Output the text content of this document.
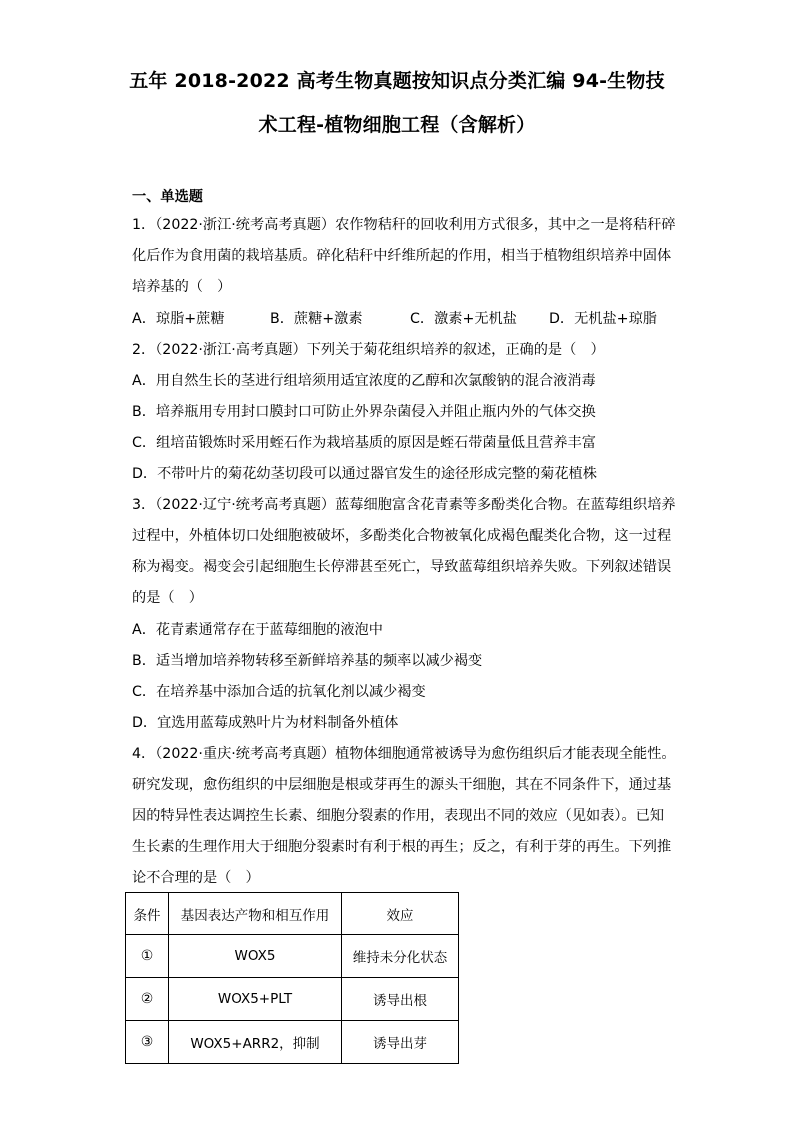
五年 2018-2022 高考生物真题按知识点分类汇编 94-生物技
术工程-植物细胞工程（含解析）
一、单选题
1．（2022·浙江·统考高考真题）农作物秸秆的回收利用方式很多，其中之一是将秸秆碎
化后作为食用菌的栽培基质。碎化秸秆中纤维所起的作用，相当于植物组织培养中固体
培养基的（　）
A．琼脂+蔗糖	B．蔗糖+激素	C．激素+无机盐 D．无机盐+琼脂
2．（2022·浙江·高考真题）下列关于菊花组织培养的叙述，正确的是（　）
A．用自然生长的茎进行组培须用适宜浓度的乙醇和次氯酸钠的混合液消毒
B．培养瓶用专用封口膜封口可防止外界杂菌侵入并阻止瓶内外的气体交换
C．组培苗锻炼时采用蛭石作为栽培基质的原因是蛭石带菌量低且营养丰富
D．不带叶片的菊花幼茎切段可以通过器官发生的途径形成完整的菊花植株
3．（2022·辽宁·统考高考真题）蓝莓细胞富含花青素等多酚类化合物。在蓝莓组织培养
过程中，外植体切口处细胞被破坏，多酚类化合物被氧化成褐色醌类化合物，这一过程
称为褐变。褐变会引起细胞生长停滞甚至死亡，导致蓝莓组织培养失败。下列叙述错误
的是（　）
A．花青素通常存在于蓝莓细胞的液泡中
B．适当增加培养物转移至新鲜培养基的频率以减少褐变
C．在培养基中添加合适的抗氧化剂以减少褐变
D．宜选用蓝莓成熟叶片为材料制备外植体
4．（2022·重庆·统考高考真题）植物体细胞通常被诱导为愈伤组织后才能表现全能性。
研究发现，愈伤组织的中层细胞是根或芽再生的源头干细胞，其在不同条件下，通过基
因的特异性表达调控生长素、细胞分裂素的作用，表现出不同的效应（见如表）。已知
生长素的生理作用大于细胞分裂素时有利于根的再生；反之，有利于芽的再生。下列推
论不合理的是（　）
条件	基因表达产物和相互作用	效应
①	WOX5	维持未分化状态
②	WOX5+PLT	诱导出根
③	WOX5+ARR2，抑制	诱导出芽
